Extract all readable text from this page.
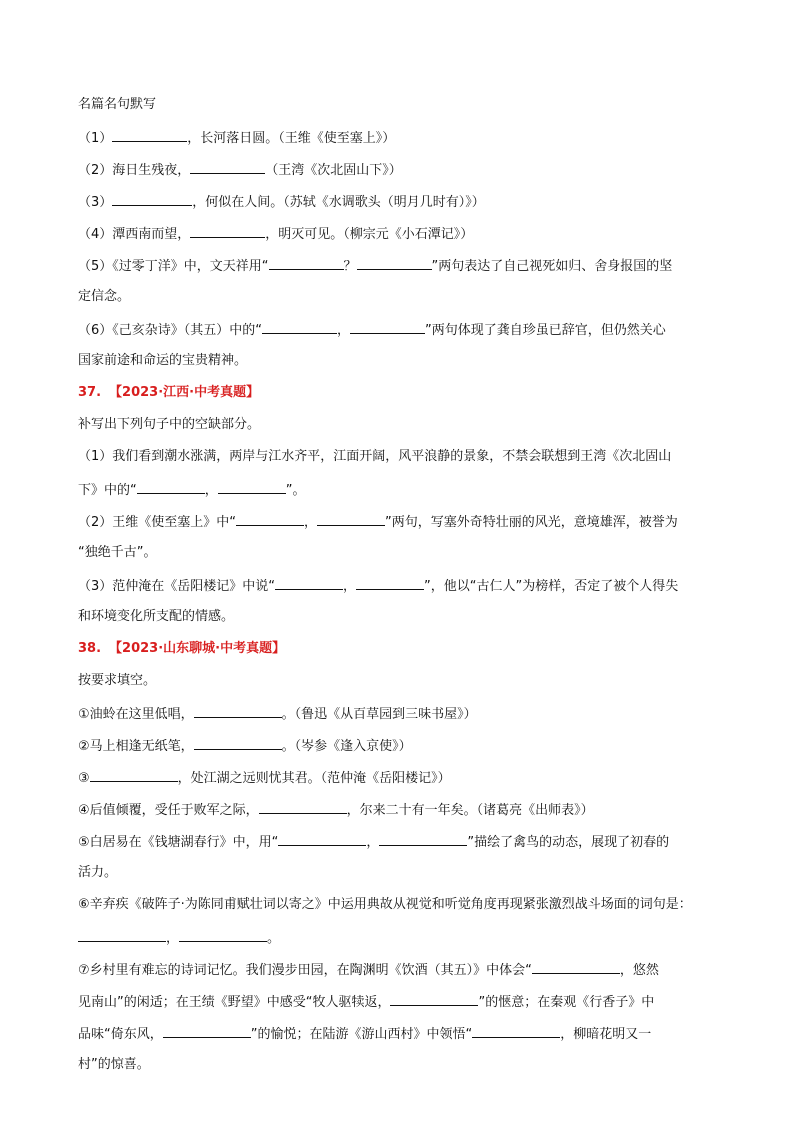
名篇名句默写
（1）	，长河落日圆。（王维《使至塞上》）
（2）海日生残夜，	（王湾《次北固山下》）
（3）	，何似在人间。（苏轼《水调歌头（明月几时有）》）
（4）潭西南而望，	，明灭可见。（柳宗元《小石潭记》）
（5）《过零丁洋》中，文天祥用“	？	”两句表达了自己视死如归、舍身报国的坚
定信念。
（6）《己亥杂诗》（其五）中的“	，	”两句体现了龚自珍虽已辞官，但仍然关心
国家前途和命运的宝贵精神。
37. 【2023·江西·中考真题】
补写出下列句子中的空缺部分。
（1）我们看到潮水涨满，两岸与江水齐平，江面开阔，风平浪静的景象，不禁会联想到王湾《次北固山
下》中的“	，	”。
（2）王维《使至塞上》中“	，	”两句，写塞外奇特壮丽的风光，意境雄浑，被誉为
“独绝千古”。
（3）范仲淹在《岳阳楼记》中说“	，	”，他以“古仁人”为榜样，否定了被个人得失
和环境变化所支配的情感。
38. 【2023·山东聊城·中考真题】
按要求填空。
①油蛉在这里低唱，	。（鲁迅《从百草园到三味书屋》）
②马上相逢无纸笔，	。（岑参《逢入京使》）
③	，处江湖之远则忧其君。（范仲淹《岳阳楼记》）
④后值倾覆，受任于败军之际，	，尔来二十有一年矣。（诸葛亮《出师表》）
⑤白居易在《钱塘湖春行》中，用“	，	”描绘了禽鸟的动态，展现了初春的
活力。
⑥辛弃疾《破阵子·为陈同甫赋壮词以寄之》中运用典故从视觉和听觉角度再现紧张激烈战斗场面的词句是：
，	。
⑦乡村里有难忘的诗词记忆。我们漫步田园，在陶渊明《饮酒（其五）》中体会“	，悠然
见南山”的闲适；在王绩《野望》中感受“牧人驱犊返，	”的惬意；在秦观《行香子》中
品味“倚东风，	”的愉悦；在陆游《游山西村》中领悟“	，柳暗花明又一
村”的惊喜。
